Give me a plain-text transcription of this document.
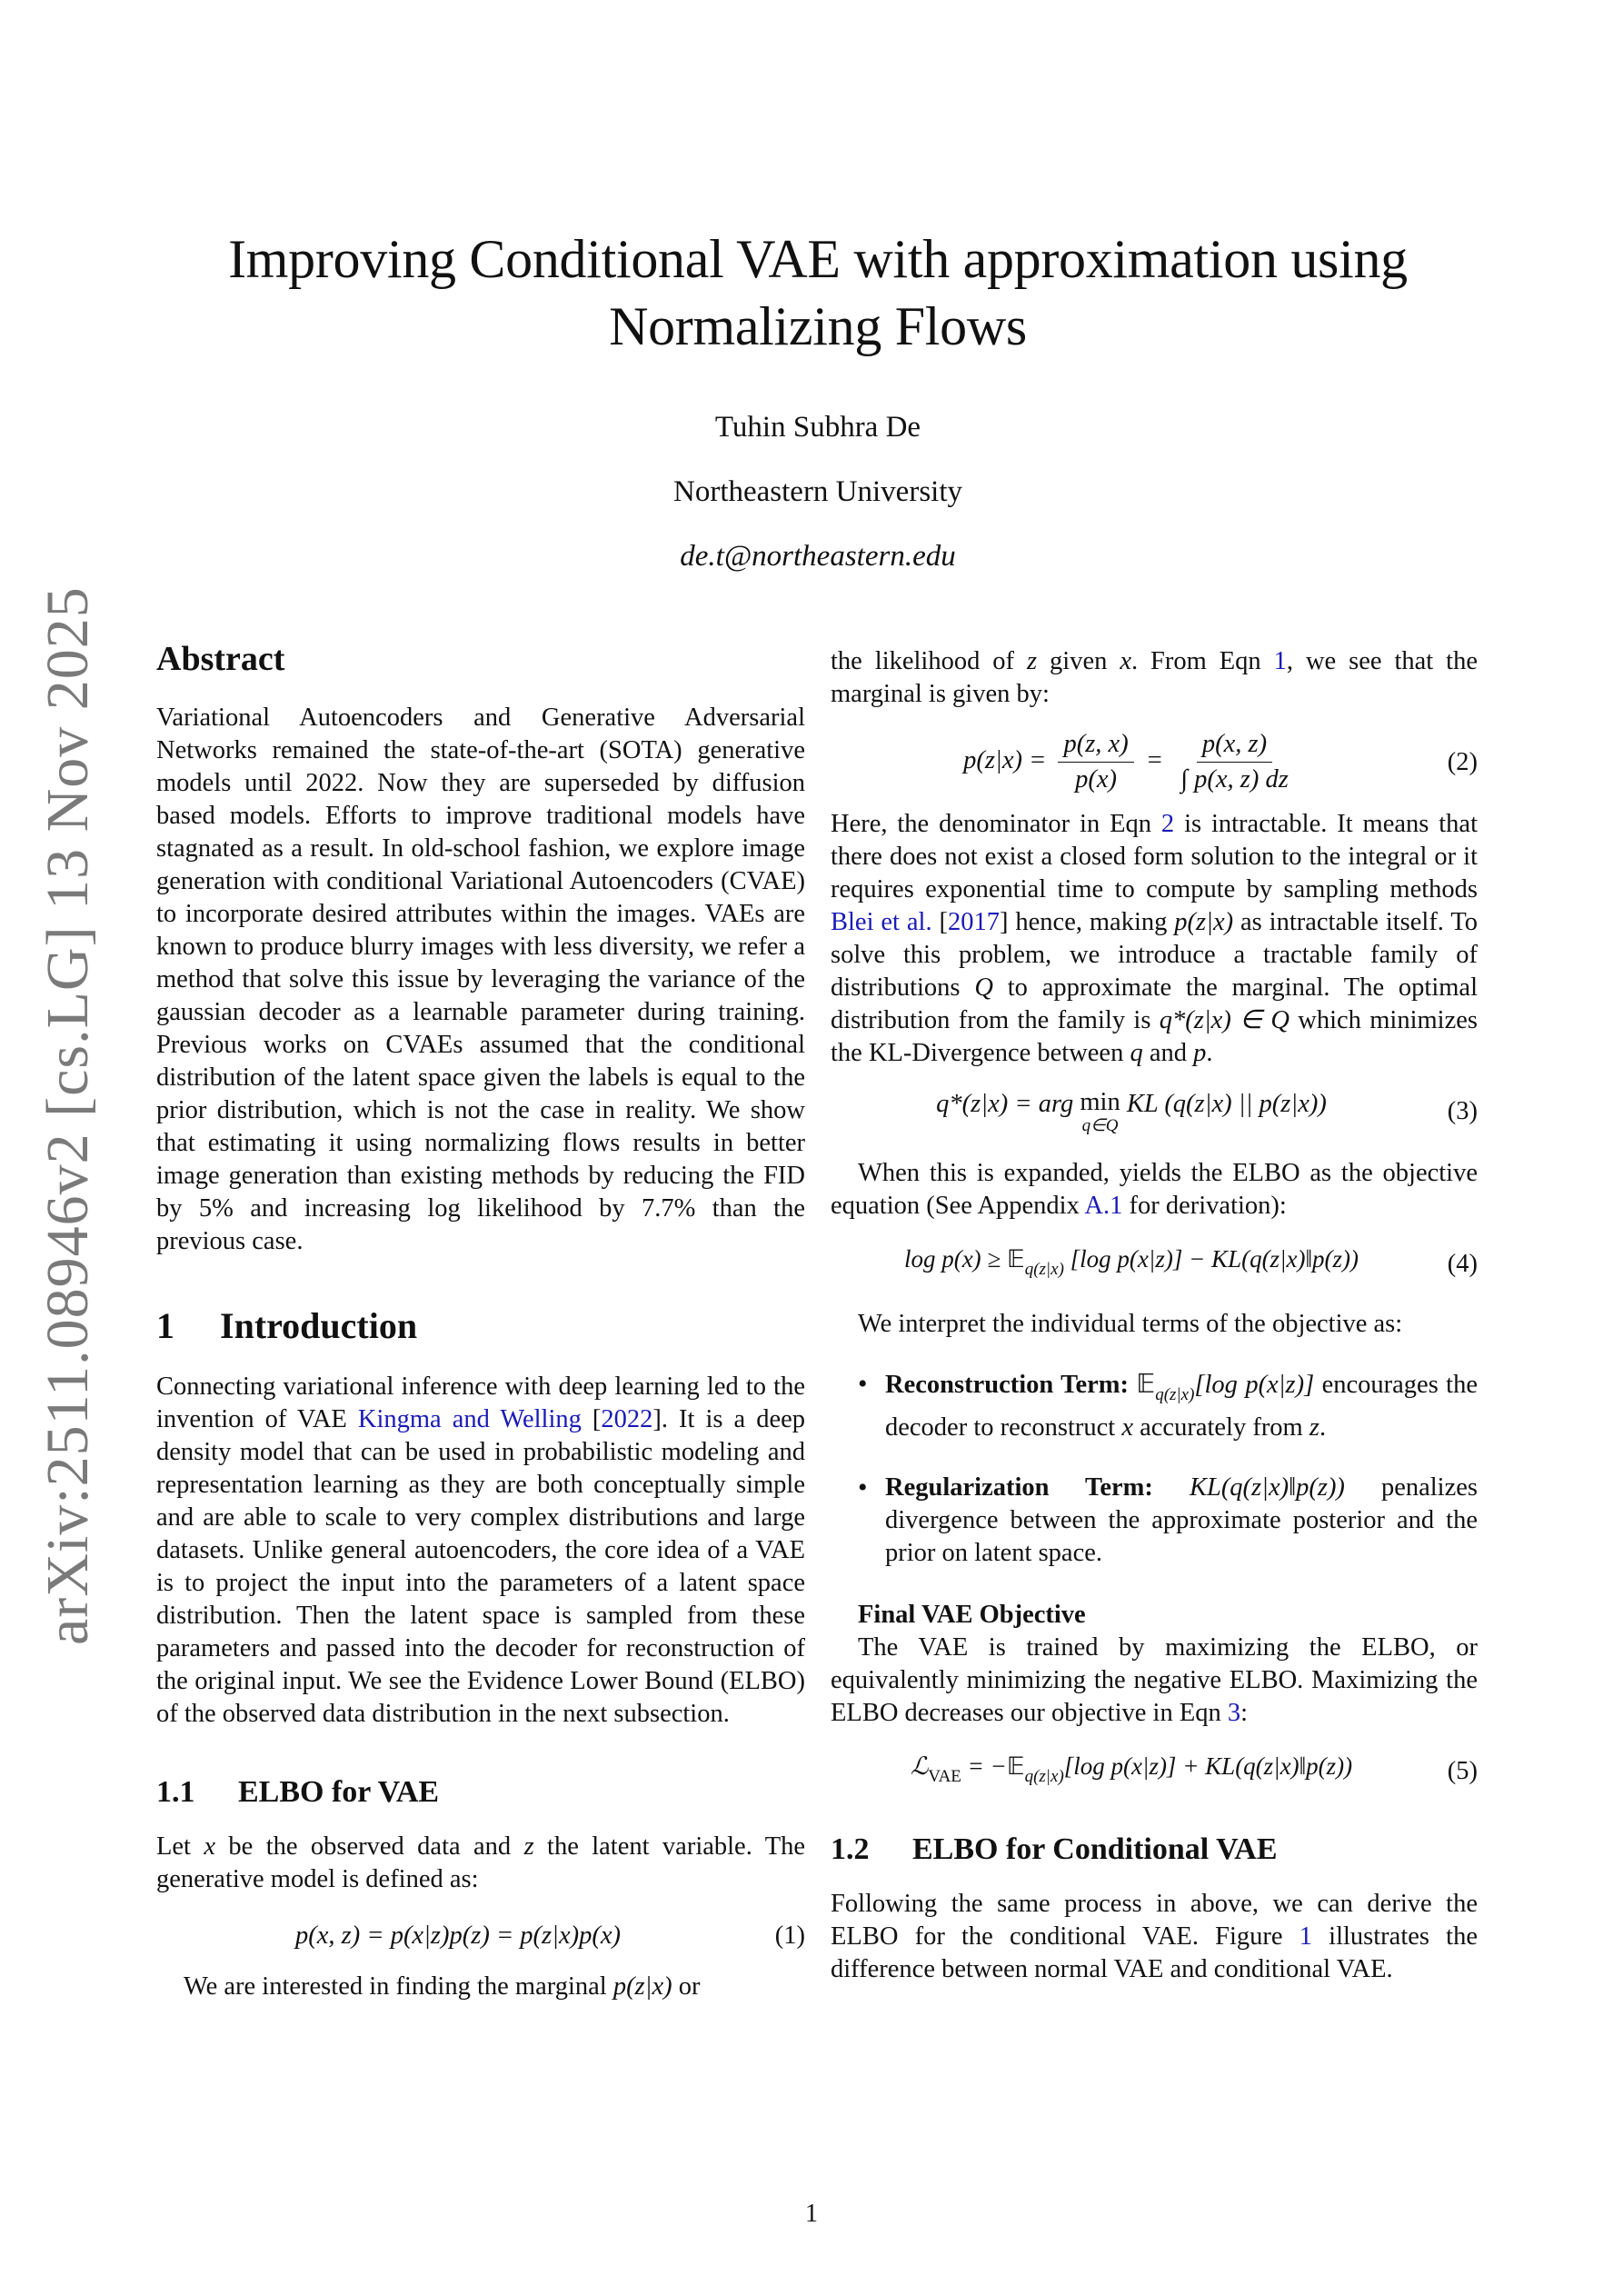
arXiv:2511.08946v2 [cs.LG] 13 Nov 2025
Improving Conditional VAE with approximation using
Normalizing Flows
Tuhin Subhra De
Northeastern University
de.t@northeastern.edu
Abstract

Variational Autoencoders and Generative Adversarial Networks remained the state-of-the-art (SOTA) generative models until 2022. Now they are superseded by diffusion based models. Efforts to improve traditional models have stagnated as a result. In old-school fashion, we explore image generation with conditional Variational Autoencoders (CVAE) to incorporate desired attributes within the images. VAEs are known to produce blurry images with less diversity, we refer a method that solve this issue by leveraging the variance of the gaussian decoder as a learnable parameter during training. Previous works on CVAEs assumed that the conditional distribution of the latent space given the labels is equal to the prior distribution, which is not the case in reality. We show that estimating it using normalizing flows results in better image generation than existing methods by reducing the FID by 5% and increasing log likelihood by 7.7% than the previous case.

1 Introduction

Connecting variational inference with deep learning led to the invention of VAE Kingma and Welling [2022]. It is a deep density model that can be used in probabilistic modeling and representation learning as they are both conceptually simple and are able to scale to very complex distributions and large datasets. Unlike general autoencoders, the core idea of a VAE is to project the input into the parameters of a latent space distribution. Then the latent space is sampled from these parameters and passed into the decoder for reconstruction of the original input. We see the Evidence Lower Bound (ELBO) of the observed data distribution in the next subsection.

1.1 ELBO for VAE

Let x be the observed data and z the latent variable. The generative model is defined as:

p(x, z) = p(x|z)p(z) = p(z|x)p(x)	(1)

We are interested in finding the marginal p(z|x) or

the likelihood of z given x. From Eqn 1, we see that the marginal is given by:

$p(z|x) = \frac{p(z, x)}{p(x)} = \frac{p(x, z)}{\int p(x, z) dz}$	(2)

Here, the denominator in Eqn 2 is intractable. It means that there does not exist a closed form solution to the integral or it requires exponential time to compute by sampling methods Blei et al. [2017] hence, making p(z|x) as intractable itself. To solve this problem, we introduce a tractable family of distributions Q to approximate the marginal. The optimal distribution from the family is q*(z|x) ∈ Q which minimizes the KL-Divergence between q and p.

q*(z|x) = arg min
q∈Q
KL (q(z|x) || p(z|x))	(3)

When this is expanded, yields the ELBO as the objective equation (See Appendix A.1 for derivation):

log p(x) ≥ 𝔼$_{q(z|x)}$ [log p(x|z)] − KL(q(z|x)‖p(z))	(4)

We interpret the individual terms of the objective as:

• Reconstruction Term: 𝔼$_{q(z|x)}$[log p(x|z)] encourages the decoder to reconstruct x accurately from z.
• Regularization Term: KL(q(z|x)‖p(z)) penalizes divergence between the approximate posterior and the prior on latent space.
Final VAE Objective

The VAE is trained by maximizing the ELBO, or equivalently minimizing the negative ELBO. Maximizing the ELBO decreases our objective in Eqn 3:

ℒ$_{VAE}$ = −𝔼$_{q(z|x)}$[log p(x|z)] + KL(q(z|x)‖p(z))	(5)
1.2 ELBO for Conditional VAE

Following the same process in above, we can derive the ELBO for the conditional VAE. Figure 1 illustrates the difference between normal VAE and conditional VAE.

1
